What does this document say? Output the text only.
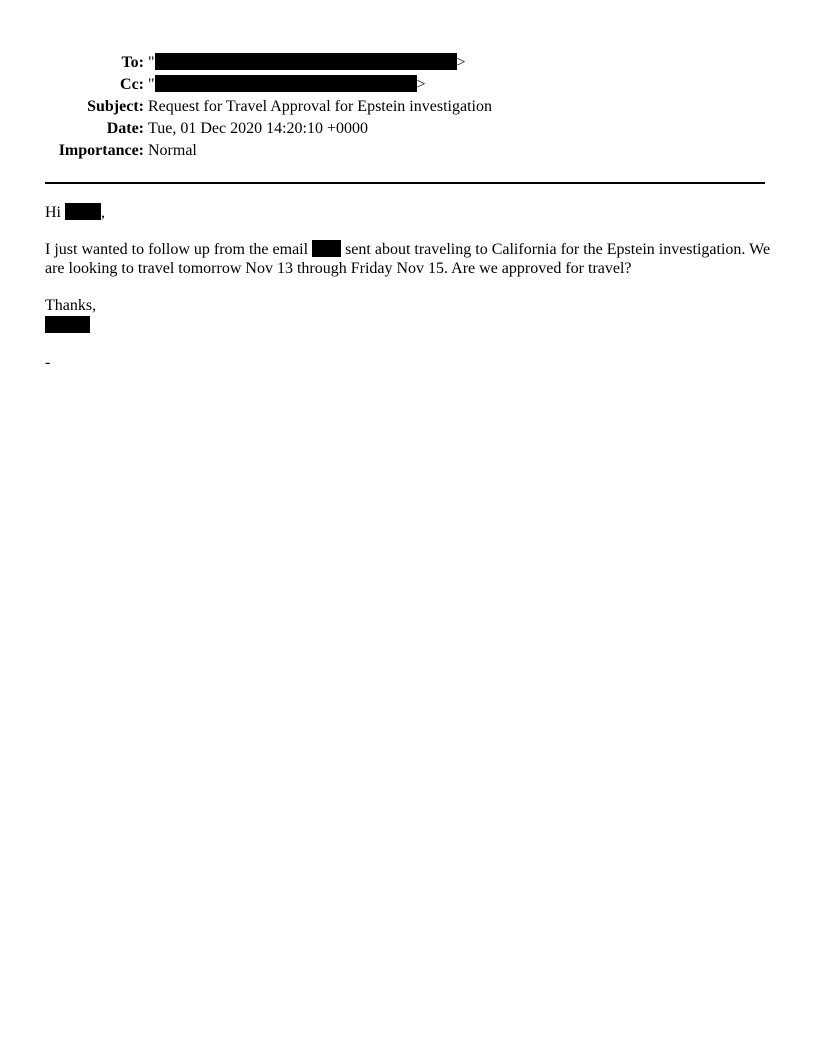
To: "	>
Cc: "	>
Subject: Request for Travel Approval for Epstein investigation
Date: Tue, 01 Dec 2020 14:20:10 +0000
Importance: Normal

Hi	,

I just wanted to follow up from the email sent about traveling to California for the Epstein investigation. We are looking to travel tomorrow Nov 13 through Friday Nov 15. Are we approved for travel?

Thanks,
-
